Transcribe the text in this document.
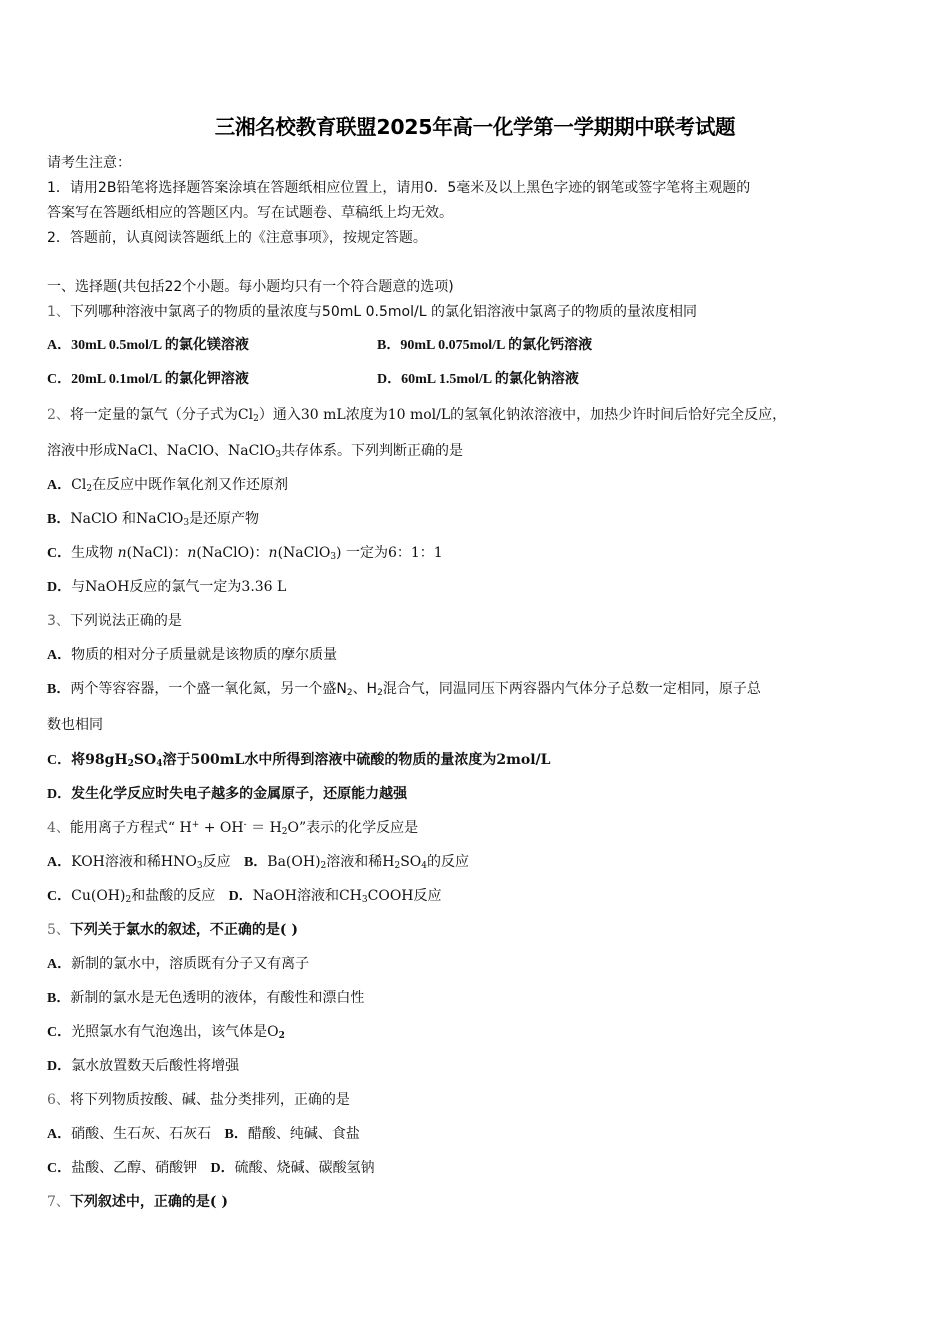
三湘名校教育联盟2025年高一化学第一学期期中联考试题
请考生注意：
1．请用2B铅笔将选择题答案涂填在答题纸相应位置上，请用0．5毫米及以上黑色字迹的钢笔或签字笔将主观题的
答案写在答题纸相应的答题区内。写在试题卷、草稿纸上均无效。
2．答题前，认真阅读答题纸上的《注意事项》，按规定答题。
一、选择题(共包括22个小题。每小题均只有一个符合题意的选项)
1、下列哪种溶液中氯离子的物质的量浓度与50mL 0.5mol/L 的氯化铝溶液中氯离子的物质的量浓度相同
A．30mL 0.5mol/L 的氯化镁溶液	B．90mL 0.075mol/L 的氯化钙溶液
C．20mL 0.1mol/L 的氯化钾溶液	D．60mL 1.5mol/L 的氯化钠溶液
2、将一定量的氯气（分子式为$Cl_2$）通入30 mL浓度为10 mol/L的氢氧化钠浓溶液中，加热少许时间后恰好完全反应，
溶液中形成NaCl、NaClO、NaClO$_3$共存体系。下列判断正确的是
A．$Cl_2$在反应中既作氧化剂又作还原剂
B．NaClO 和NaClO$_3$是还原产物
C．生成物 n(NaCl)：n(NaClO)：n(NaClO$_3$) 一定为6：1：1
D．与NaOH反应的氯气一定为3.36 L
3、下列说法正确的是
A．物质的相对分子质量就是该物质的摩尔质量
B．两个等容容器，一个盛一氧化氮，另一个盛$N_2$、$H_2$混合气，同温同压下两容器内气体分子总数一定相同，原子总
数也相同
C．将$98gH_2SO_4$溶于500mL水中所得到溶液中硫酸的物质的量浓度为2mol/L
D．发生化学反应时失电子越多的金属原子，还原能力越强
4、能用离子方程式“ $H^+ + OH^- = H_2O$”表示的化学反应是
A．KOH溶液和稀$HNO_3$反应 B．$Ba(OH)_2$溶液和稀$H_2SO_4$的反应
C．$Cu(OH)_2$和盐酸的反应 D．NaOH溶液和$CH_3COOH$反应
5、下列关于氯水的叙述，不正确的是( )
A．新制的氯水中，溶质既有分子又有离子
B．新制的氯水是无色透明的液体，有酸性和漂白性
C．光照氯水有气泡逸出，该气体是$O_2$
D．氯水放置数天后酸性将增强
6、将下列物质按酸、碱、盐分类排列，正确的是
A．硝酸、生石灰、石灰石 B．醋酸、纯碱、食盐
C．盐酸、乙醇、硝酸钾 D．硫酸、烧碱、碳酸氢钠
7、下列叙述中，正确的是( )
